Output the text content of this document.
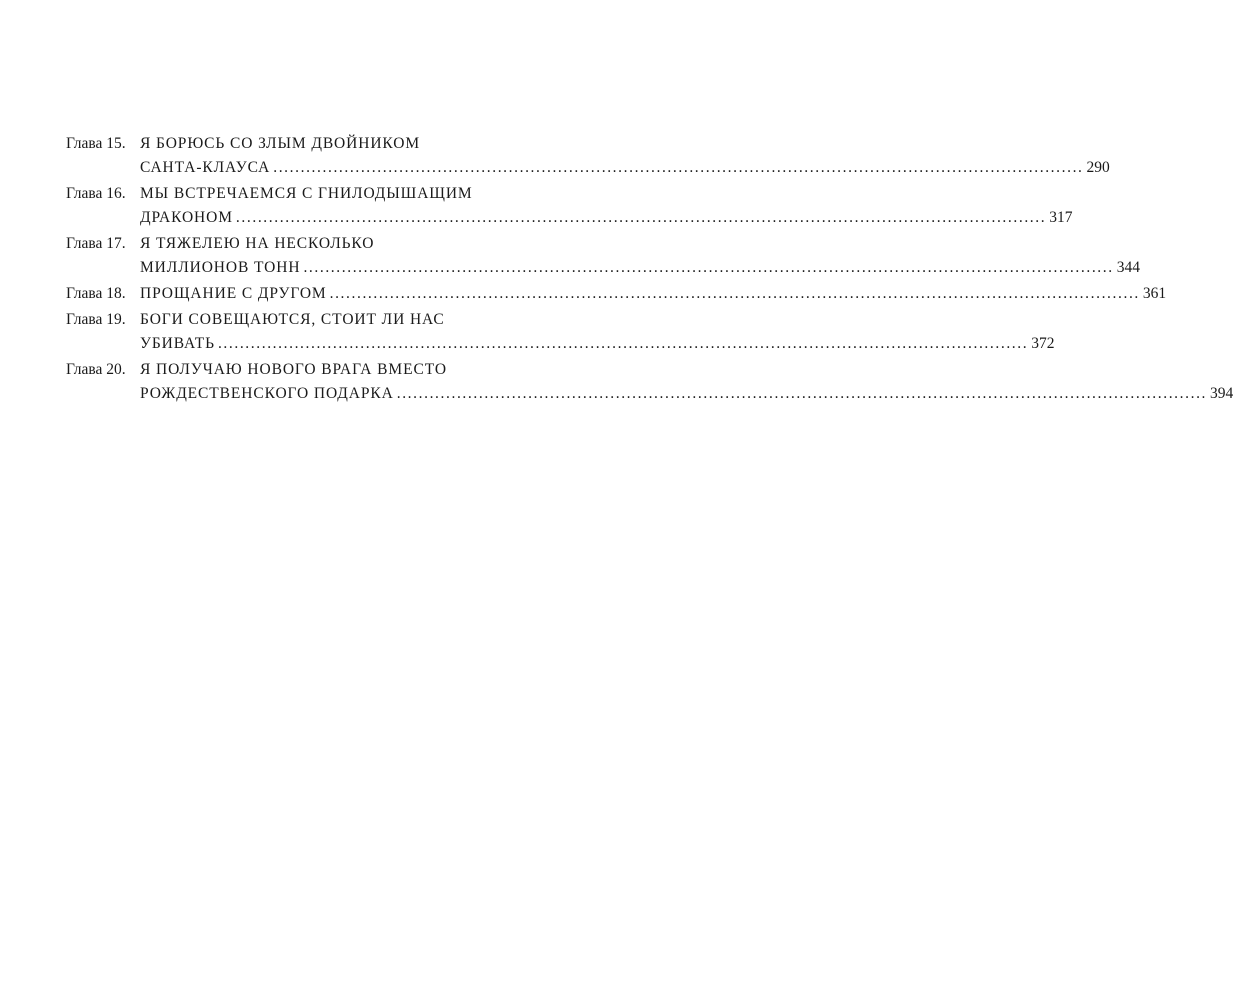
Глава 15. Я БОРЮСЬ СО ЗЛЫМ ДВОЙНИКОМ
САНТА-КЛАУСА .....	290
Глава 16. МЫ ВСТРЕЧАЕМСЯ С ГНИЛОДЫШАЩИМ
ДРАКОНОМ .....	317
Глава 17. Я ТЯЖЕЛЕЮ НА НЕСКОЛЬКО
МИЛЛИОНОВ ТОНН .....	344
Глава 18. ПРОЩАНИЕ С ДРУГОМ .....	361
Глава 19. БОГИ СОВЕЩАЮТСЯ, СТОИТ ЛИ НАС
УБИВАТЬ .....	372
Глава 20. Я ПОЛУЧАЮ НОВОГО ВРАГА ВМЕСТО
РОЖДЕСТВЕНСКОГО ПОДАРКА .....	394
